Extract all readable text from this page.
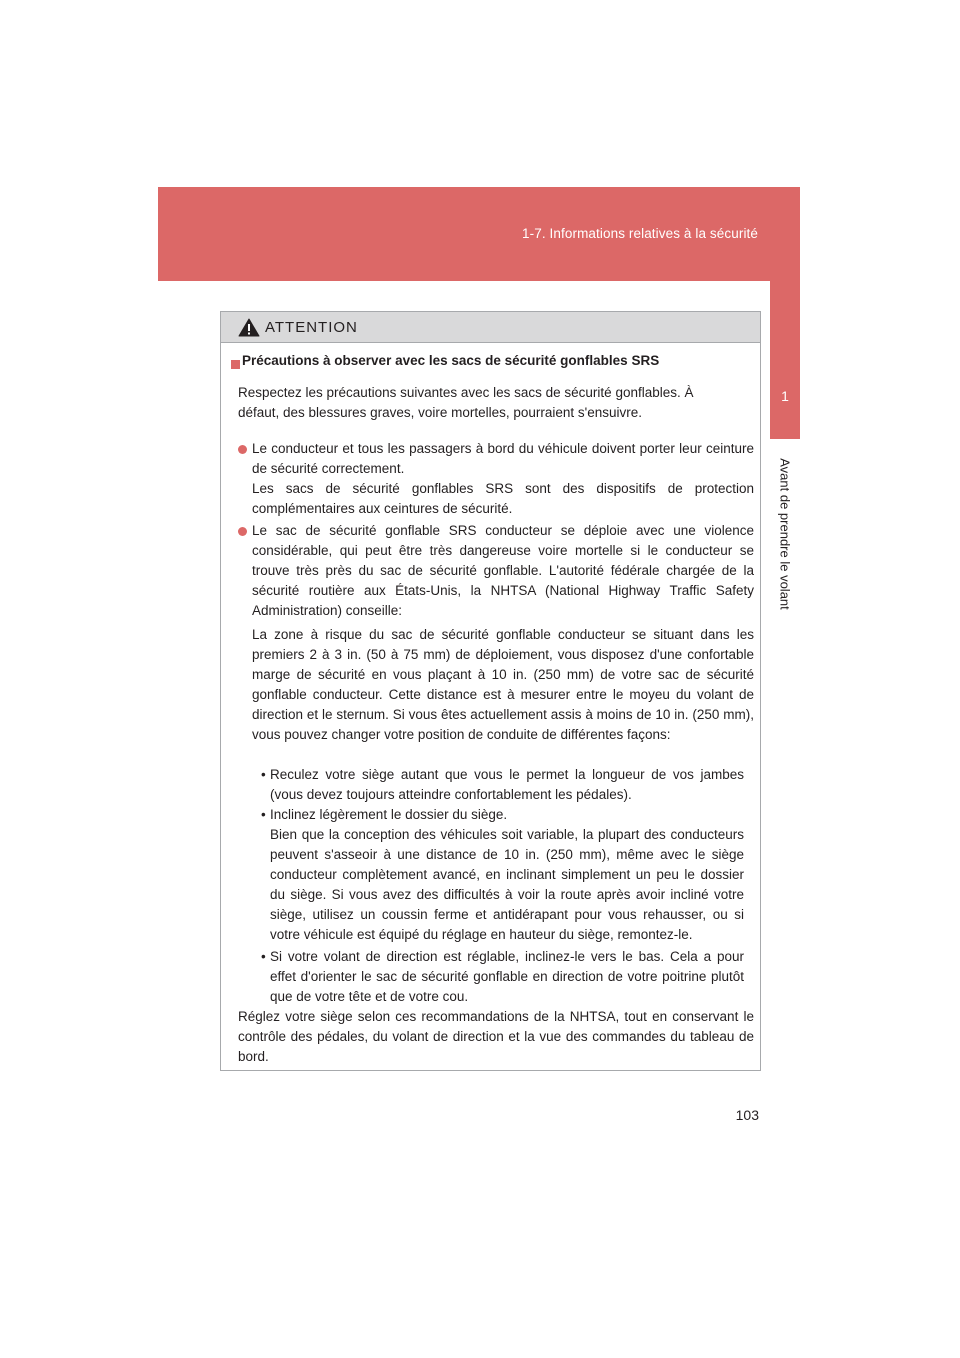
1-7. Informations relatives à la sécurité
1
Avant de prendre le volant
ATTENTION

Précautions à observer avec les sacs de sécurité gonflables SRS

Respectez les précautions suivantes avec les sacs de sécurité gonflables. À défaut, des blessures graves, voire mortelles, pourraient s'ensuivre.

Le conducteur et tous les passagers à bord du véhicule doivent porter leur ceinture de sécurité correctement.

Les sacs de sécurité gonflables SRS sont des dispositifs de protection complémentaires aux ceintures de sécurité.

Le sac de sécurité gonflable SRS conducteur se déploie avec une violence considérable, qui peut être très dangereuse voire mortelle si le conducteur se trouve très près du sac de sécurité gonflable. L'autorité fédérale chargée de la sécurité routière aux États-Unis, la NHTSA (National Highway Traffic Safety Administration) conseille:

La zone à risque du sac de sécurité gonflable conducteur se situant dans les premiers 2 à 3 in. (50 à 75 mm) de déploiement, vous disposez d'une confortable marge de sécurité en vous plaçant à 10 in. (250 mm) de votre sac de sécurité gonflable conducteur. Cette distance est à mesurer entre le moyeu du volant de direction et le sternum. Si vous êtes actuellement assis à moins de 10 in. (250 mm), vous pouvez changer votre position de conduite de différentes façons:

• Reculez votre siège autant que vous le permet la longueur de vos jambes (vous devez toujours atteindre confortablement les pédales).

• Inclinez légèrement le dossier du siège.

Bien que la conception des véhicules soit variable, la plupart des conducteurs peuvent s'asseoir à une distance de 10 in. (250 mm), même avec le siège conducteur complètement avancé, en inclinant simplement un peu le dossier du siège. Si vous avez des difficultés à voir la route après avoir incliné votre siège, utilisez un coussin ferme et antidérapant pour vous rehausser, ou si votre véhicule est équipé du réglage en hauteur du siège, remontez-le.

• Si votre volant de direction est réglable, inclinez-le vers le bas. Cela a pour effet d'orienter le sac de sécurité gonflable en direction de votre poitrine plutôt que de votre tête et de votre cou.

Réglez votre siège selon ces recommandations de la NHTSA, tout en conservant le contrôle des pédales, du volant de direction et la vue des commandes du tableau de bord.

103
